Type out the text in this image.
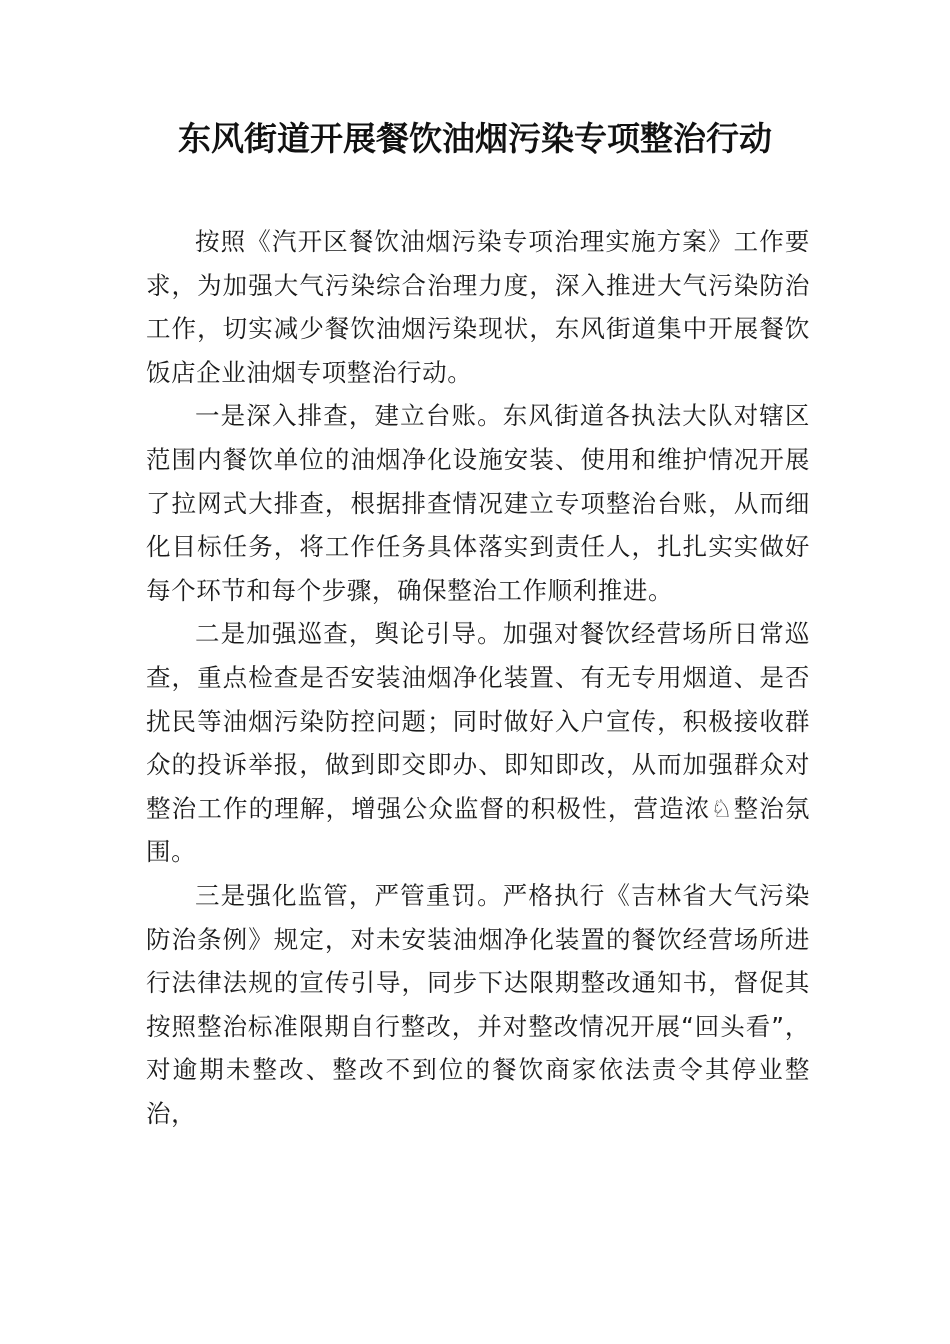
东风街道开展餐饮油烟污染专项整治行动

按照《汽开区餐饮油烟污染专项治理实施方案》工作要求，为加强大气污染综合治理力度，深入推进大气污染防治工作，切实减少餐饮油烟污染现状，东风街道集中开展餐饮饭店企业油烟专项整治行动。

一是深入排查，建立台账。东风街道各执法大队对辖区范围内餐饮单位的油烟净化设施安装、使用和维护情况开展了拉网式大排查，根据排查情况建立专项整治台账，从而细化目标任务，将工作任务具体落实到责任人，扎扎实实做好每个环节和每个步骤，确保整治工作顺利推进。

二是加强巡查，舆论引导。加强对餐饮经营场所日常巡查，重点检查是否安装油烟净化装置、有无专用烟道、是否扰民等油烟污染防控问题；同时做好入户宣传，积极接收群众的投诉举报，做到即交即办、即知即改，从而加强群众对整治工作的理解，增强公众监督的积极性，营造浓♘整治氛围。

三是强化监管，严管重罚。严格执行《吉林省大气污染防治条例》规定，对未安装油烟净化装置的餐饮经营场所进行法律法规的宣传引导，同步下达限期整改通知书，督促其按照整治标准限期自行整改，并对整改情况开展“回头看”， 对逾期未整改、整改不到位的餐饮商家依法责令其停业整治，
